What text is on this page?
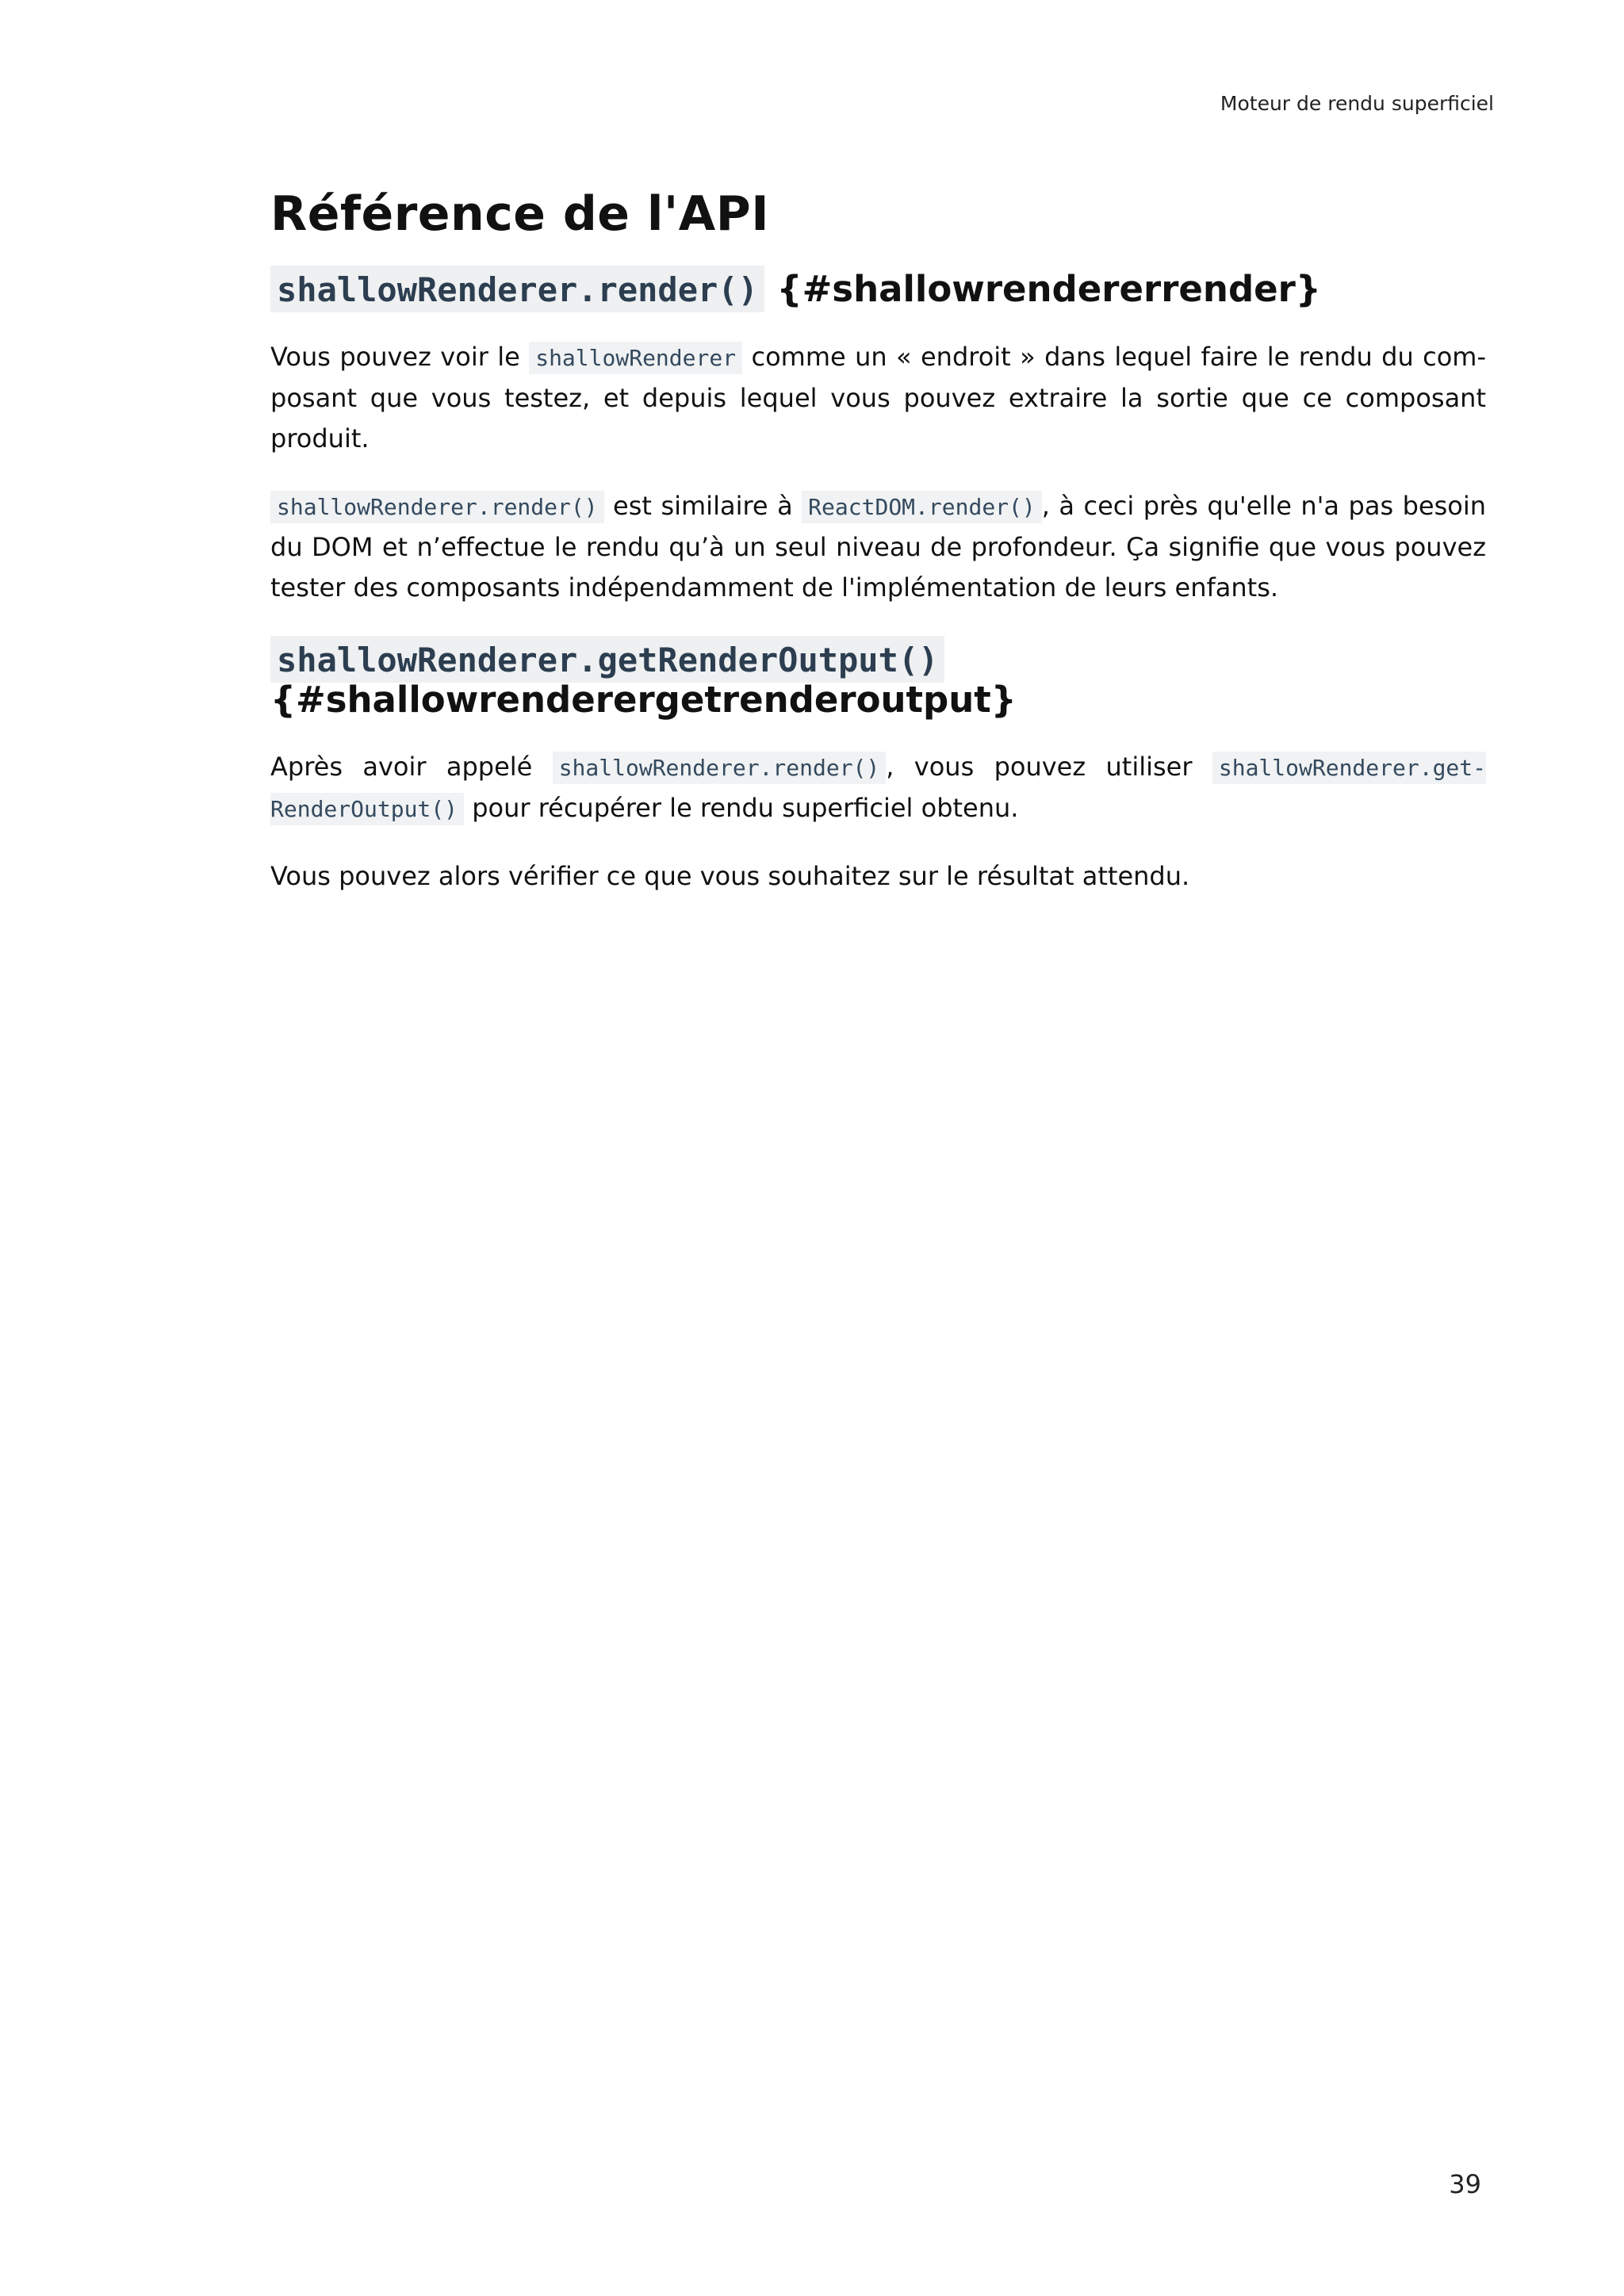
Moteur de rendu superficiel
Référence de l'API
shallowRenderer.render() {#shallowrendererrender}

Vous pouvez voir le shallowRenderer comme un « endroit » dans lequel faire le rendu du composant que vous testez, et depuis lequel vous pouvez extraire la sortie que ce composant produit.

shallowRenderer.render() est similaire à ReactDOM.render() , à ceci près qu'elle n'a pas besoin du DOM et n’effectue le rendu qu’à un seul niveau de profondeur. Ça signifie que vous pouvez tester des composants indépendamment de l'implémentation de leurs enfants.

shallowRenderer.getRenderOutput()
{#shallowrenderergetrenderoutput}

Après avoir appelé shallowRenderer.render() , vous pouvez utiliser shallowRenderer.getRenderOutput() pour récupérer le rendu superficiel obtenu.

Vous pouvez alors vérifier ce que vous souhaitez sur le résultat attendu.

39
